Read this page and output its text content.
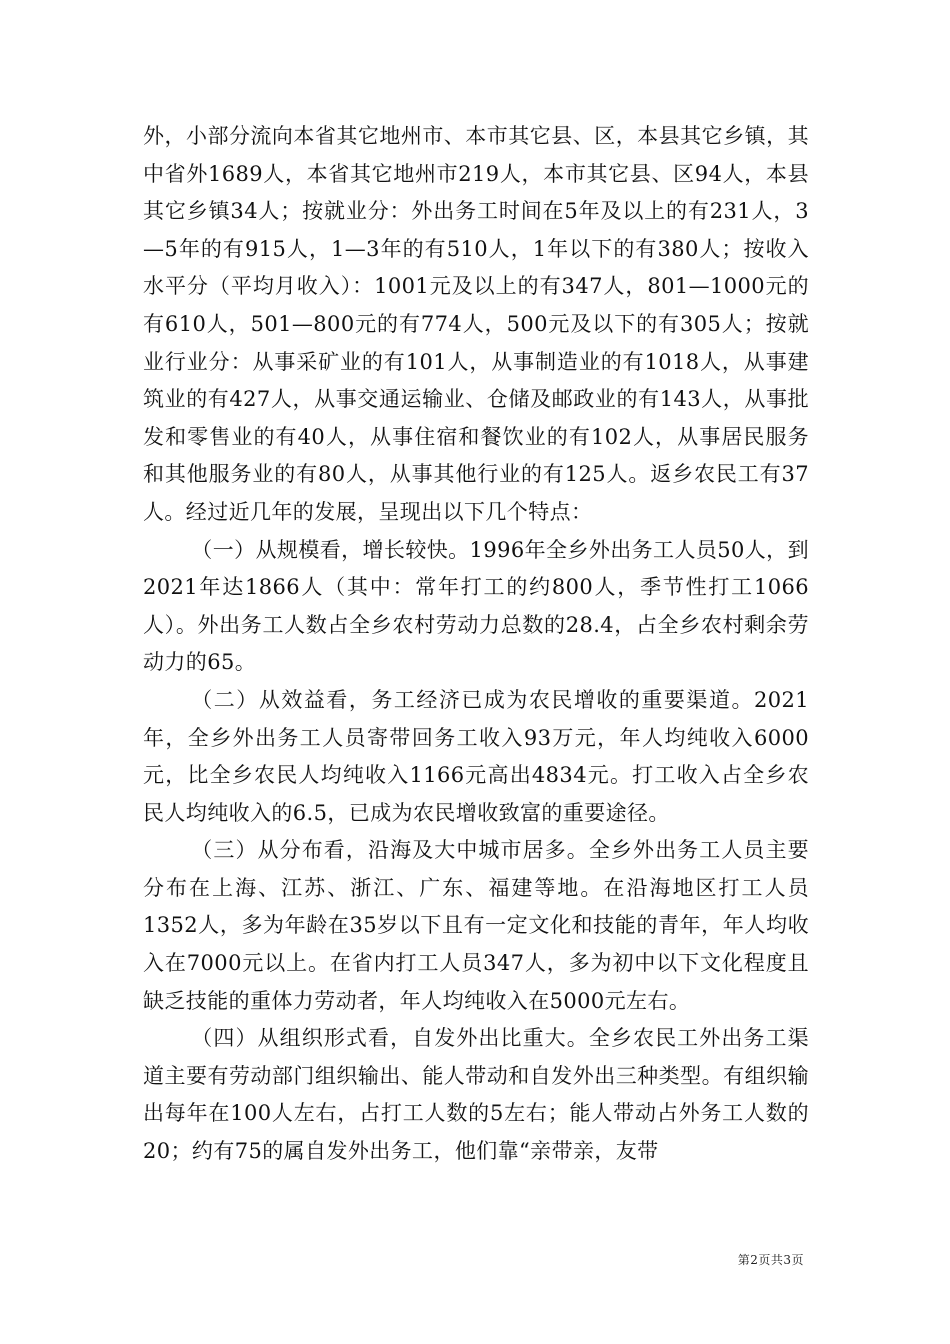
外，小部分流向本省其它地州市、本市其它县、区，本县其它乡镇，其中省外1689人，本省其它地州市219人，本市其它县、区94人，本县其它乡镇34人；按就业分：外出务工时间在5年及以上的有231人，3—5年的有915人，1—3年的有510人，1年以下的有380人；按收入水平分（平均月收入）：1001元及以上的有347人，801—1000元的有610人，501—800元的有774人，500元及以下的有305人；按就业行业分：从事采矿业的有101人，从事制造业的有1018人，从事建筑业的有427人，从事交通运输业、仓储及邮政业的有143人，从事批发和零售业的有40人，从事住宿和餐饮业的有102人，从事居民服务和其他服务业的有80人，从事其他行业的有125人。返乡农民工有37人。经过近几年的发展，呈现出以下几个特点：

（一）从规模看，增长较快。1996年全乡外出务工人员50人，到2021年达1866人（其中：常年打工的约800人，季节性打工1066人）。外出务工人数占全乡农村劳动力总数的28.4，占全乡农村剩余劳动力的65。

（二）从效益看，务工经济已成为农民增收的重要渠道。2021年，全乡外出务工人员寄带回务工收入93万元，年人均纯收入6000元，比全乡农民人均纯收入1166元高出4834元。打工收入占全乡农民人均纯收入的6.5，已成为农民增收致富的重要途径。

（三）从分布看，沿海及大中城市居多。全乡外出务工人员主要分布在上海、江苏、浙江、广东、福建等地。在沿海地区打工人员1352人，多为年龄在35岁以下且有一定文化和技能的青年，年人均收入在7000元以上。在省内打工人员347人，多为初中以下文化程度且缺乏技能的重体力劳动者，年人均纯收入在5000元左右。

（四）从组织形式看，自发外出比重大。全乡农民工外出务工渠道主要有劳动部门组织输出、能人带动和自发外出三种类型。有组织输出每年在100人左右，占打工人数的5左右；能人带动占外务工人数的20；约有75的属自发外出务工，他们靠“亲带亲，友带

第2页共3页
